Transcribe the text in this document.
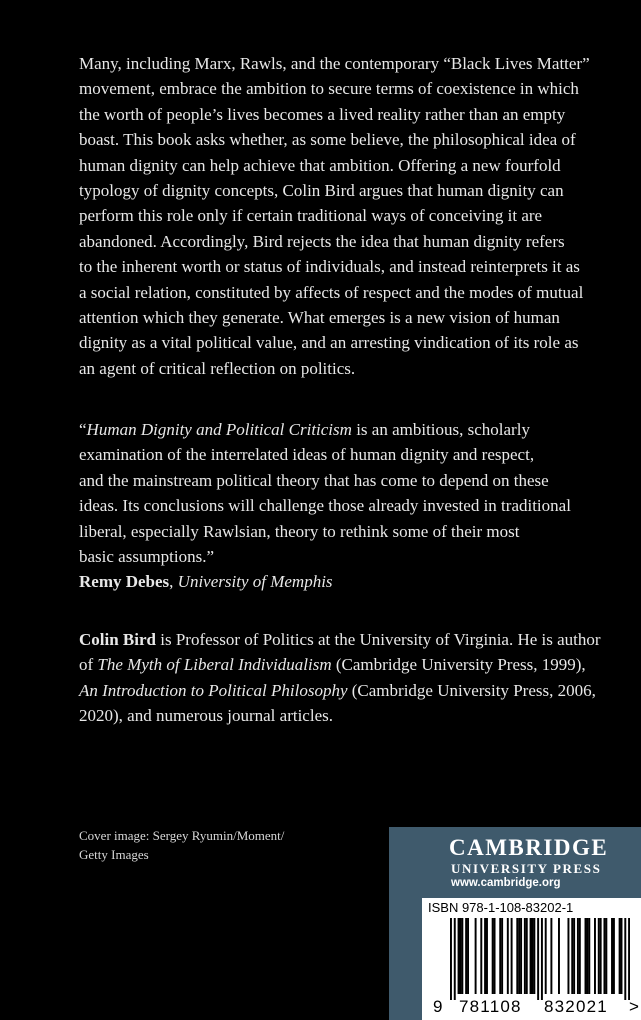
Many, including Marx, Rawls, and the contemporary “Black Lives Matter”
movement, embrace the ambition to secure terms of coexistence in which
the worth of people’s lives becomes a lived reality rather than an empty
boast. This book asks whether, as some believe, the philosophical idea of
human dignity can help achieve that ambition. Offering a new fourfold
typology of dignity concepts, Colin Bird argues that human dignity can
perform this role only if certain traditional ways of conceiving it are
abandoned. Accordingly, Bird rejects the idea that human dignity refers
to the inherent worth or status of individuals, and instead reinterprets it as
a social relation, constituted by affects of respect and the modes of mutual
attention which they generate. What emerges is a new vision of human
dignity as a vital political value, and an arresting vindication of its role as
an agent of critical reflection on politics.
“Human Dignity and Political Criticism is an ambitious, scholarly
examination of the interrelated ideas of human dignity and respect,
and the mainstream political theory that has come to depend on these
ideas. Its conclusions will challenge those already invested in traditional
liberal, especially Rawlsian, theory to rethink some of their most
basic assumptions.”
Remy Debes, University of Memphis
Colin Bird is Professor of Politics at the University of Virginia. He is author
of The Myth of Liberal Individualism (Cambridge University Press, 1999),
An Introduction to Political Philosophy (Cambridge University Press, 2006,
2020), and numerous journal articles.
Cover image: Sergey Ryumin/Moment/
Getty Images	CAMBRIDGE
UNIVERSITY PRESS
www.cambridge.org
ISBN 978-1-108-83202-1
9 781108 832021 >
